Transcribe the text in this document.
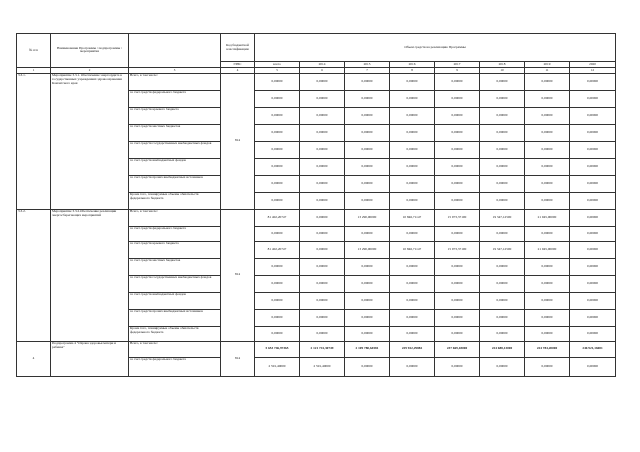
№ п/п	Наименование Программы / подпрограммы / мероприятия		Код бюджетной классификации	Объем средств на реализацию Программы							
			ГРБС	всего	2014	2015	2016	2017	2018	2019	2020
1	2	3	4	5	6	7	8	9	10	11	12
3.3.1.	Мероприятие 3.3.1. Обеспечение энергоаудита в государственных учреждениях здравоохранения Камчатского края	Всего, в том числе:	814	0,00000	0,00000	0,00000	0,00000	0,00000	0,00000	0,00000	0,00000
		за счет средств федерального бюджета		0,00000	0,00000	0,00000	0,00000	0,00000	0,00000	0,00000	0,00000
		за счет средств краевого бюджета		0,00000	0,00000	0,00000	0,00000	0,00000	0,00000	0,00000	0,00000
		за счет средств местных бюджетов		0,00000	0,00000	0,00000	0,00000	0,00000	0,00000	0,00000	0,00000
		за счет средств государственных внебюджетных фондов		0,00000	0,00000	0,00000	0,00000	0,00000	0,00000	0,00000	0,00000
		за счет средств внебюджетных фондов		0,00000	0,00000	0,00000	0,00000	0,00000	0,00000	0,00000	0,00000
		за счет средств прочих внебюджетных источников		0,00000	0,00000	0,00000	0,00000	0,00000	0,00000	0,00000	0,00000
		Кроме того, планируемые объемы обязательств федерального бюджета		0,00000	0,00000	0,00000	0,00000	0,00000	0,00000	0,00000	0,00000
3.3.2.	Мероприятие 3.3.2.Обеспечение реализации энергосберегающих мероприятий	Всего, в том числе:	814	81 402,20747	0,00000	13 290,00000	10 846,71147	15 973,37100	19 347,12500	21 945,00000	0,00000
		за счет средств федерального бюджета		0,00000	0,00000	0,00000	0,00000	0,00000	0,00000	0,00000	0,00000
		за счет средств краевого бюджета		81 402,20747	0,00000	13 290,00000	10 846,71147	15 973,37100	19 347,12500	21 945,00000	0,00000
		за счет средств местных бюджетов		0,00000	0,00000	0,00000	0,00000	0,00000	0,00000	0,00000	0,00000
		за счет средств государственных внебюджетных фондов		0,00000	0,00000	0,00000	0,00000	0,00000	0,00000	0,00000	0,00000
		за счет средств внебюджетных фондов		0,00000	0,00000	0,00000	0,00000	0,00000	0,00000	0,00000	0,00000
		за счет средств прочих внебюджетных источников		0,00000	0,00000	0,00000	0,00000	0,00000	0,00000	0,00000	0,00000
		Кроме того, планируемые объемы обязательств федерального бюджета		0,00000	0,00000	0,00000	0,00000	0,00000	0,00000	0,00000	0,00000
4	Подпрограмма 4 "Охрана здоровья матери и ребенка"	Всего, в том числе:	814	5 653 746,97365	2 121 741,30749	2 109 780,64581	229 922,29882	237 669,18000	224 688,13000	224 784,20000	246 921,16001
		за счет средств федерального бюджета		2 591,40000	2 591,40000	0,00000	0,00000	0,00000	0,00000	0,00000	0,00000
